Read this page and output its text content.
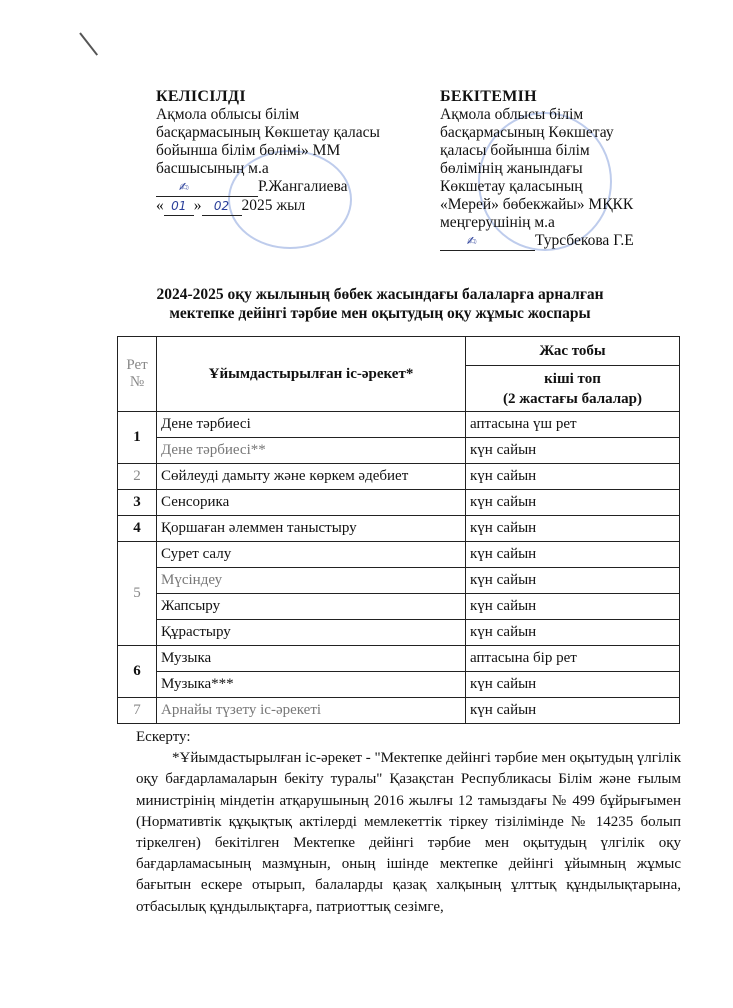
КЕЛІСІЛДІ
Ақмола облысы білім
басқармасының Көкшетау қаласы
бойынша білім бөлімі» ММ
басшысының м.а
✍	Р.Жангалиева
« 01 » 02 2025 жыл
БЕКІТЕМІН
Ақмола облысы білім
басқармасының Көкшетау
қаласы бойынша білім
бөлімінің жанындағы
Көкшетау қаласының
«Мерей» бөбекжайы» МҚКК
меңгерушінің м.а
✍	Турсбекова Г.Е
2024-2025 оқу жылының бөбек жасындағы балаларға арналған
мектепке дейінгі тәрбие мен оқытудың оқу жұмыс жоспары
Рет №	Ұйымдастырылған іс-әрекет*	Жас тобы

		кіші топ
(2 жастағы балалар)

1	Дене тәрбиесі	аптасына үш рет
	Дене тәрбиесі**	күн сайын
2	Сөйлеуді дамыту және көркем әдебиет	күн сайын
3	Сенсорика	күн сайын
4	Қоршаған әлеммен таныстыру	күн сайын
5	Сурет салу	күн сайын
	Мүсіндеу	күн сайын
	Жапсыру	күн сайын
	Құрастыру	күн сайын
6	Музыка	аптасына бір рет
	Музыка***	күн сайын
7	Арнайы түзету іс-әрекеті	күн сайын
Ескерту:
*Ұйымдастырылған іс-әрекет - "Мектепке дейінгі тәрбие мен оқытудың үлгілік оқу бағдарламаларын бекіту туралы" Қазақстан Республикасы Білім және ғылым министрінің міндетін атқарушының 2016 жылғы 12 тамыздағы № 499 бұйрығымен (Нормативтік құқықтық актілерді мемлекеттік тіркеу тізілімінде № 14235 болып тіркелген) бекітілген Мектепке дейінгі тәрбие мен оқытудың үлгілік оқу бағдарламасының мазмұнын, оның ішінде мектепке дейінгі ұйымның жұмыс бағытын ескере отырып, балаларды қазақ халқының ұлттық құндылықтарына, отбасылық құндылықтарға, патриоттық сезімге,
